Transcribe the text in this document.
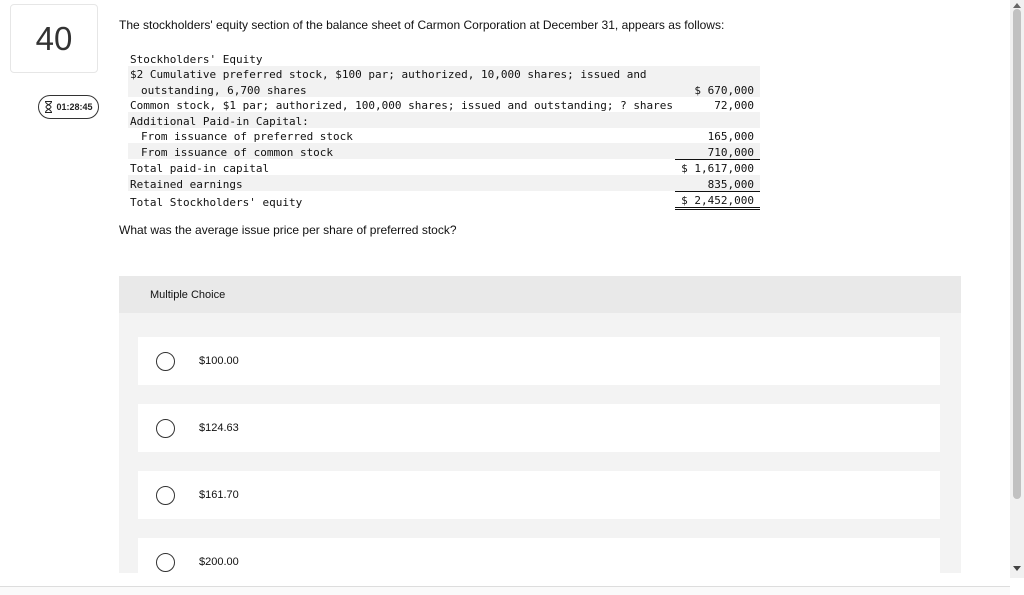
40
01:28:45
The stockholders' equity section of the balance sheet of Carmon Corporation at December 31, appears as follows:
Stockholders' Equity	
$2 Cumulative preferred stock, $100 par; authorized, 10,000 shares; issued and	
outstanding, 6,700 shares	$ 670,000
Common stock, $1 par; authorized, 100,000 shares; issued and outstanding; ? shares	72,000
Additional Paid-in Capital:	
From issuance of preferred stock	165,000
From issuance of common stock	710,000
Total paid-in capital	$ 1,617,000
Retained earnings	835,000
Total Stockholders' equity	$ 2,452,000
What was the average issue price per share of preferred stock?
Multiple Choice
$100.00
$124.63
$161.70
$200.00
